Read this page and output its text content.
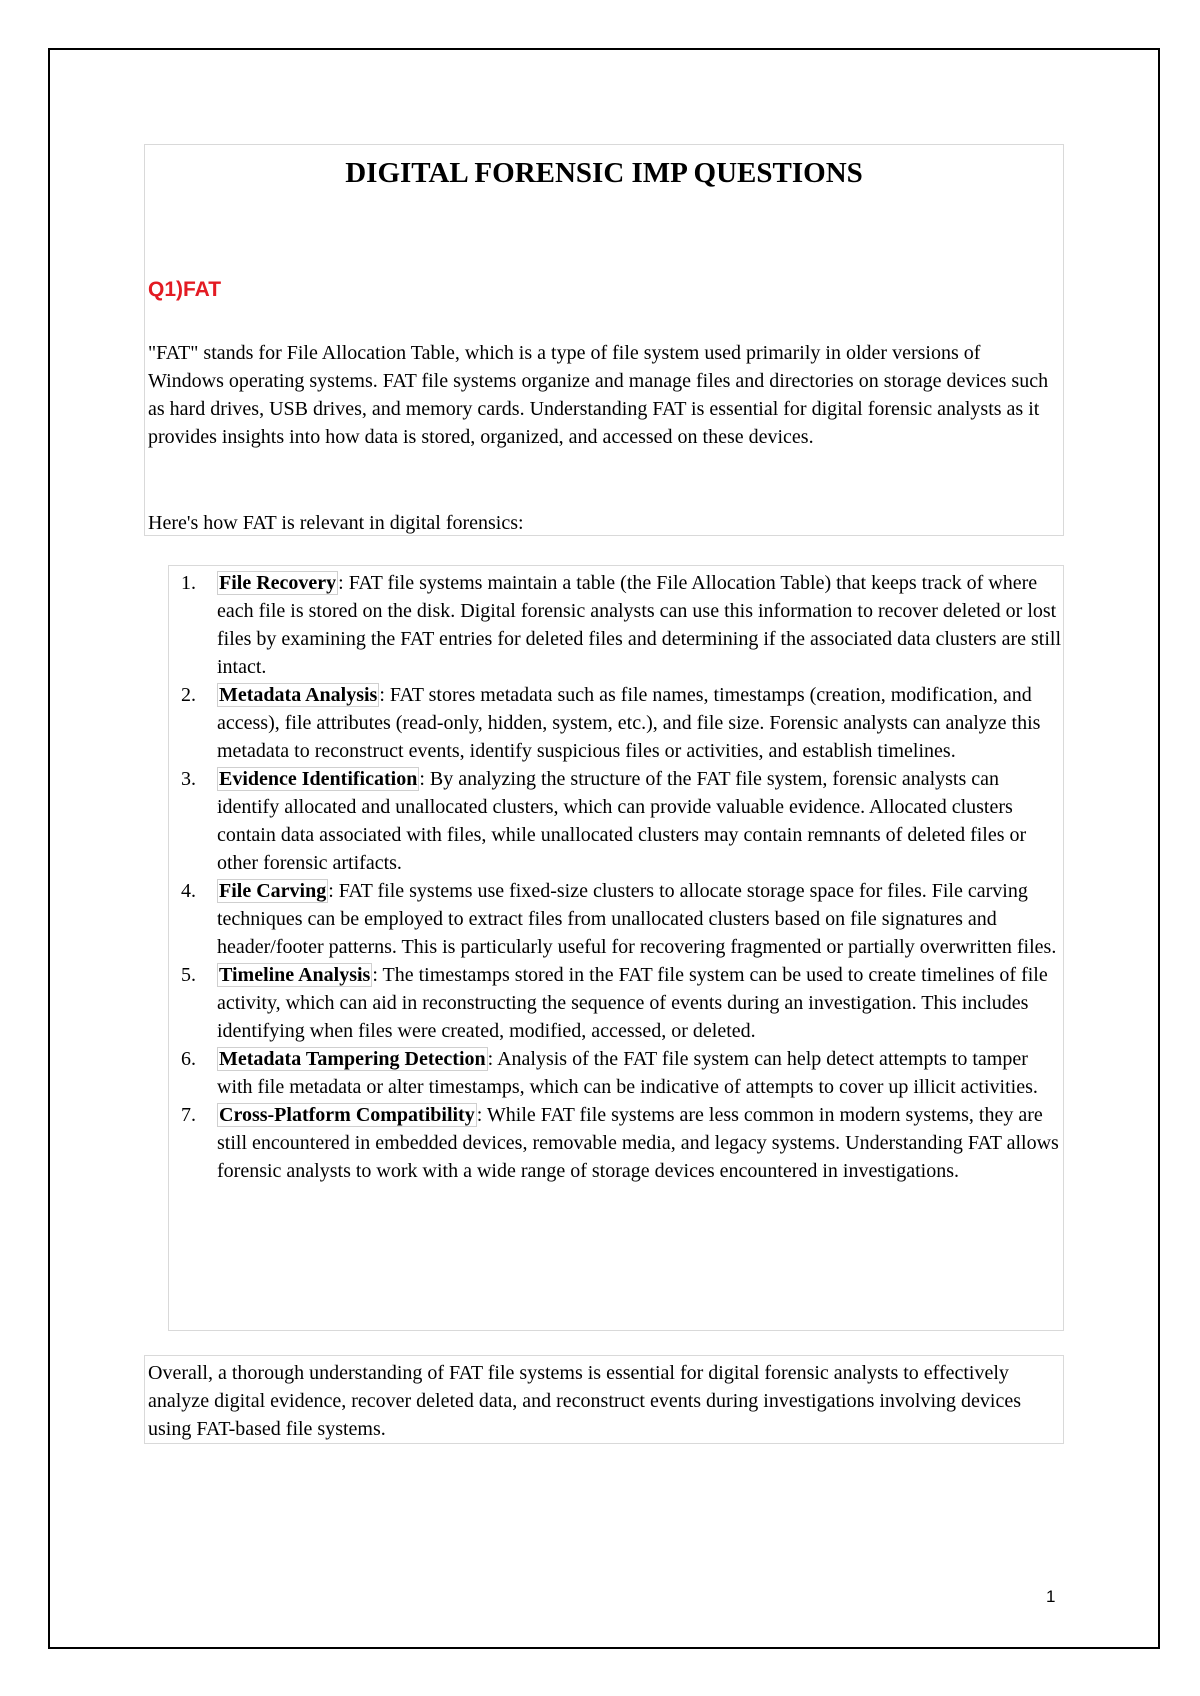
DIGITAL FORENSIC IMP QUESTIONS
Q1)FAT

"FAT" stands for File Allocation Table, which is a type of file system used primarily in older versions of Windows operating systems. FAT file systems organize and manage files and directories on storage devices such as hard drives, USB drives, and memory cards. Understanding FAT is essential for digital forensic analysts as it provides insights into how data is stored, organized, and accessed on these devices.

Here's how FAT is relevant in digital forensics:

1. File Recovery : FAT file systems maintain a table (the File Allocation Table) that keeps track of where each file is stored on the disk. Digital forensic analysts can use this information to recover deleted or lost files by examining the FAT entries for deleted files and determining if the associated data clusters are still intact.
2. Metadata Analysis : FAT stores metadata such as file names, timestamps (creation, modification, and access), file attributes (read-only, hidden, system, etc.), and file size. Forensic analysts can analyze this metadata to reconstruct events, identify suspicious files or activities, and establish timelines.
3. Evidence Identification : By analyzing the structure of the FAT file system, forensic analysts can identify allocated and unallocated clusters, which can provide valuable evidence. Allocated clusters contain data associated with files, while unallocated clusters may contain remnants of deleted files or other forensic artifacts.
4. File Carving : FAT file systems use fixed-size clusters to allocate storage space for files. File carving techniques can be employed to extract files from unallocated clusters based on file signatures and header/footer patterns. This is particularly useful for recovering fragmented or partially overwritten files.
5. Timeline Analysis : The timestamps stored in the FAT file system can be used to create timelines of file activity, which can aid in reconstructing the sequence of events during an investigation. This includes identifying when files were created, modified, accessed, or deleted.
6. Metadata Tampering Detection : Analysis of the FAT file system can help detect attempts to tamper with file metadata or alter timestamps, which can be indicative of attempts to cover up illicit activities.
7. Cross-Platform Compatibility : While FAT file systems are less common in modern systems, they are still encountered in embedded devices, removable media, and legacy systems. Understanding FAT allows forensic analysts to work with a wide range of storage devices encountered in investigations.

Overall, a thorough understanding of FAT file systems is essential for digital forensic analysts to effectively analyze digital evidence, recover deleted data, and reconstruct events during investigations involving devices using FAT-based file systems.

1
